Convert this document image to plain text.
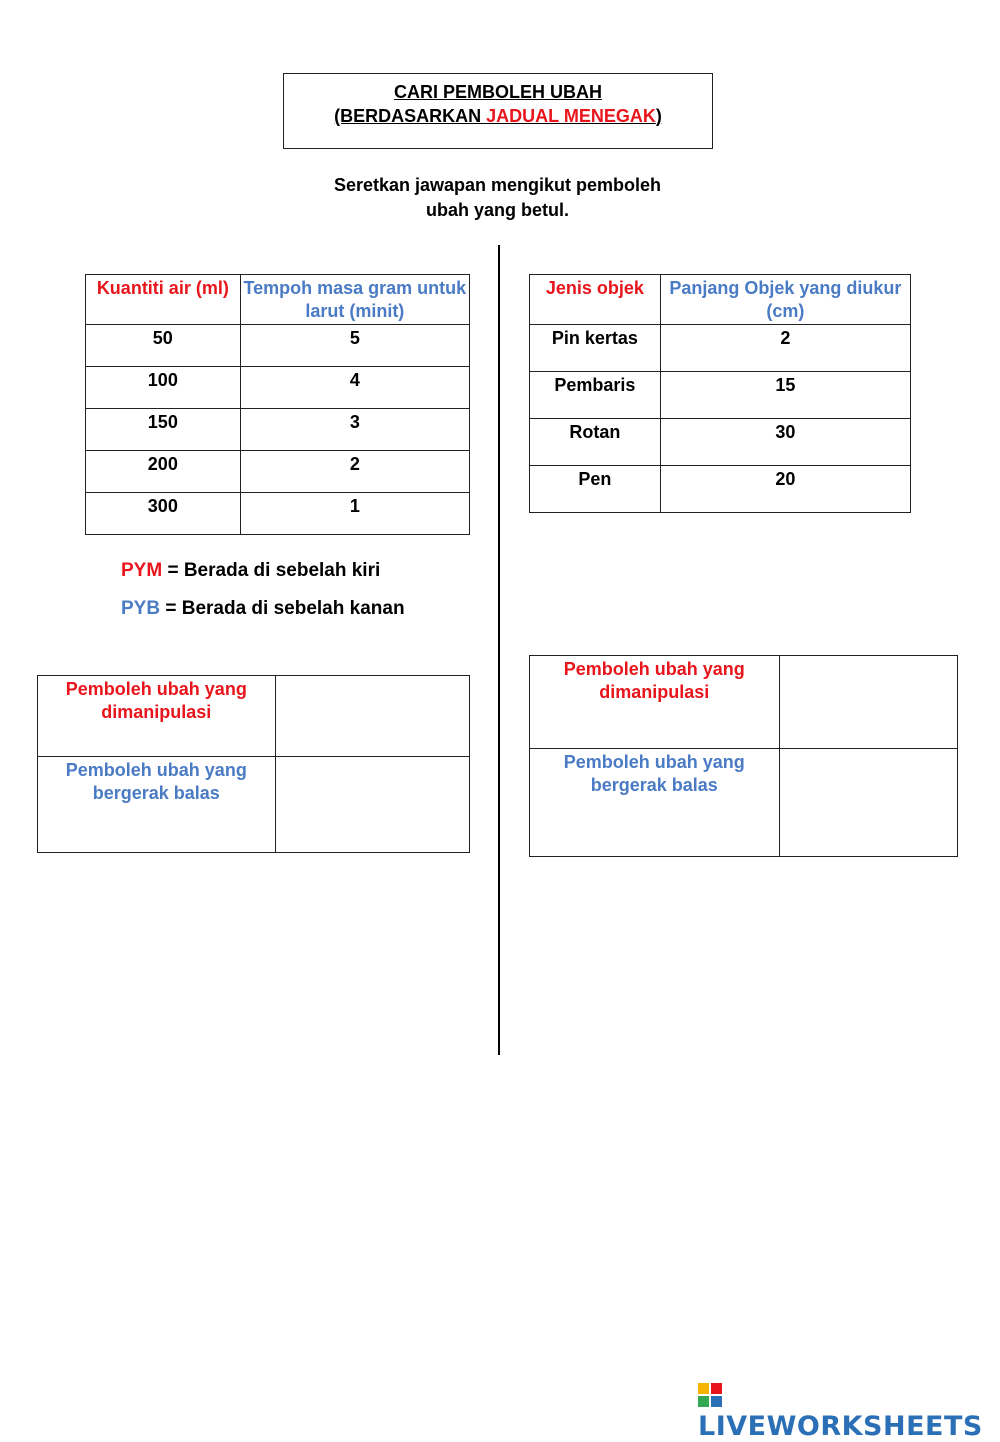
CARI PEMBOLEH UBAH
(BERDASARKAN JADUAL MENEGAK)
Seretkan jawapan mengikut pemboleh
ubah yang betul.
Kuantiti air (ml)	Tempoh masa gram untuk larut (minit)
50	5
100	4
150	3
200	2
300	1
Jenis objek	Panjang Objek yang diukur (cm)
Pin kertas	2
Pembaris	15
Rotan	30
Pen	20
PYM = Berada di sebelah kiri
PYB = Berada di sebelah kanan
Pemboleh ubah yang dimanipulasi	
Pemboleh ubah yang bergerak balas	
Pemboleh ubah yang dimanipulasi	
Pemboleh ubah yang bergerak balas	
LIVEWORKSHEETS
